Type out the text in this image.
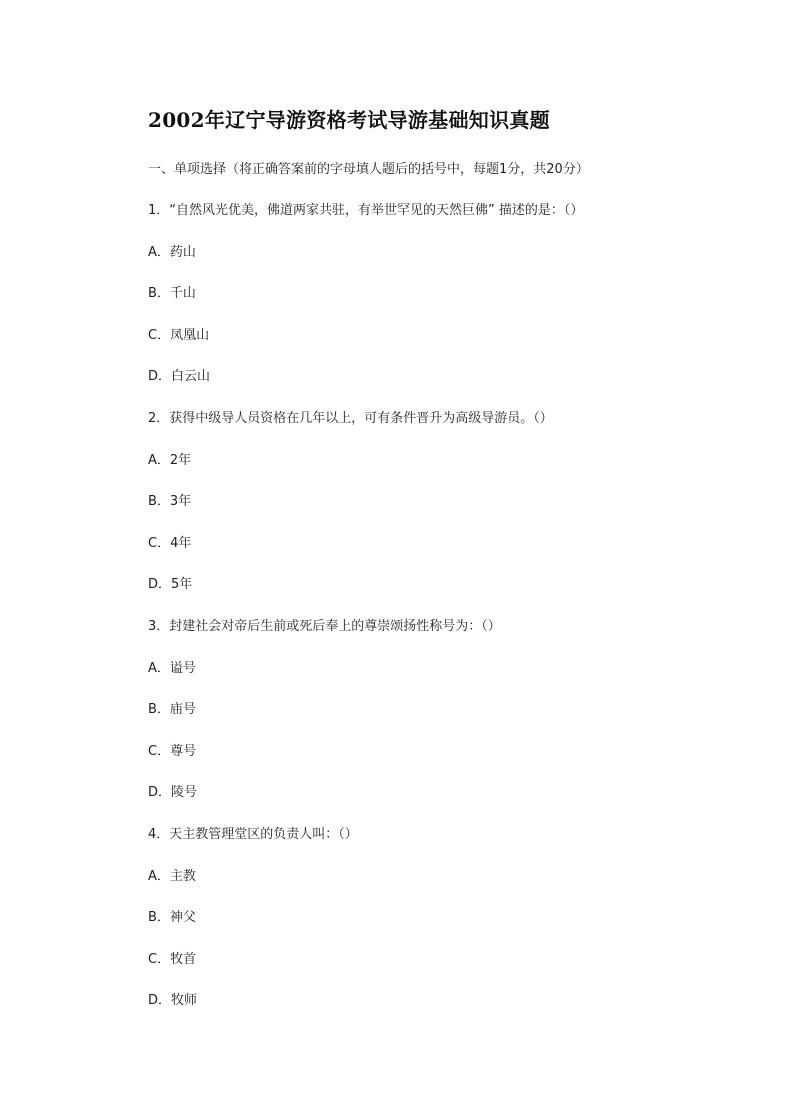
2002年辽宁导游资格考试导游基础知识真题
一、单项选择（将正确答案前的字母填人题后的括号中，每题1分，共20分）
1．“自然风光优美，佛道两家共驻，有举世罕见的天然巨佛” 描述的是：（）
A．药山
B．千山
C．凤凰山
D．白云山
2．获得中级导人员资格在几年以上，可有条件晋升为高级导游员。（）
A．2年
B．3年
C．4年
D．5年
3．封建社会对帝后生前或死后奉上的尊崇颂扬性称号为：（）
A．谥号
B．庙号
C．尊号
D．陵号
4．天主教管理堂区的负责人叫：（）
A．主教
B．神父
C．牧首
D．牧师
